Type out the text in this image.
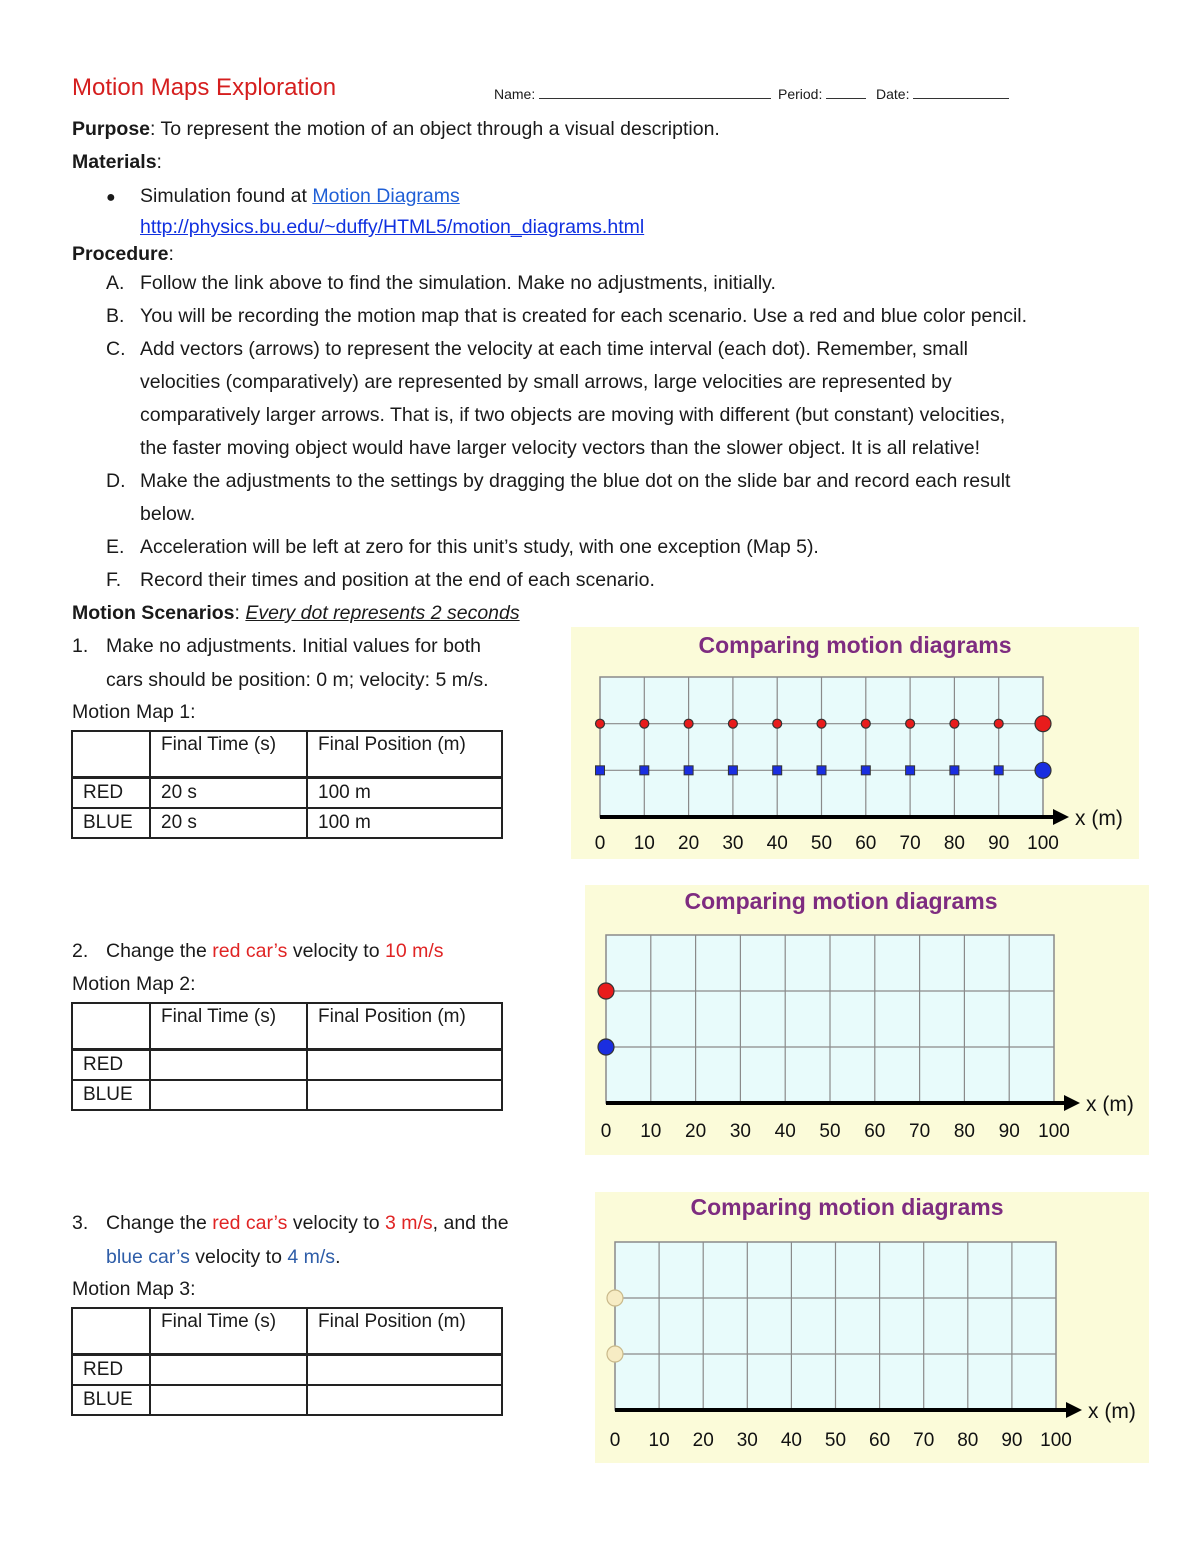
Motion Maps Exploration	Name:	Period:	Date:
Purpose: To represent the motion of an object through a visual description.
Materials:
● Simulation found at Motion Diagrams
http://physics.bu.edu/~duffy/HTML5/motion_diagrams.html
Procedure:
A. Follow the link above to find the simulation. Make no adjustments, initially.
B. You will be recording the motion map that is created for each scenario. Use a red and blue color pencil.
C. Add vectors (arrows) to represent the velocity at each time interval (each dot). Remember, small
velocities (comparatively) are represented by small arrows, large velocities are represented by
comparatively larger arrows. That is, if two objects are moving with different (but constant) velocities,
the faster moving object would have larger velocity vectors than the slower object. It is all relative!
D. Make the adjustments to the settings by dragging the blue dot on the slide bar and record each result
below.
E. Acceleration will be left at zero for this unit’s study, with one exception (Map 5).
F. Record their times and position at the end of each scenario.
Motion Scenarios: Every dot represents 2 seconds
1. Make no adjustments. Initial values for both
cars should be position: 0 m; velocity: 5 m/s.
Motion Map 1:
	Final Time (s)	Final Position (m)
RED	20 s	100 m
BLUE	20 s	100 m
2. Change the red car’s velocity to 10 m/s
Motion Map 2:
	Final Time (s)	Final Position (m)
RED		
BLUE		
3. Change the red car’s velocity to 3 m/s, and the
blue car’s velocity to 4 m/s.
Motion Map 3:
	Final Time (s)	Final Position (m)
RED		
BLUE		
Comparing motion diagrams
x (m)
0 10 20 30 40 50 60 70 80 90 100
Comparing motion diagrams
x (m)
0 10 20 30 40 50 60 70 80 90 100
Comparing motion diagrams
x (m)
0 10 20 30 40 50 60 70 80 90 100
